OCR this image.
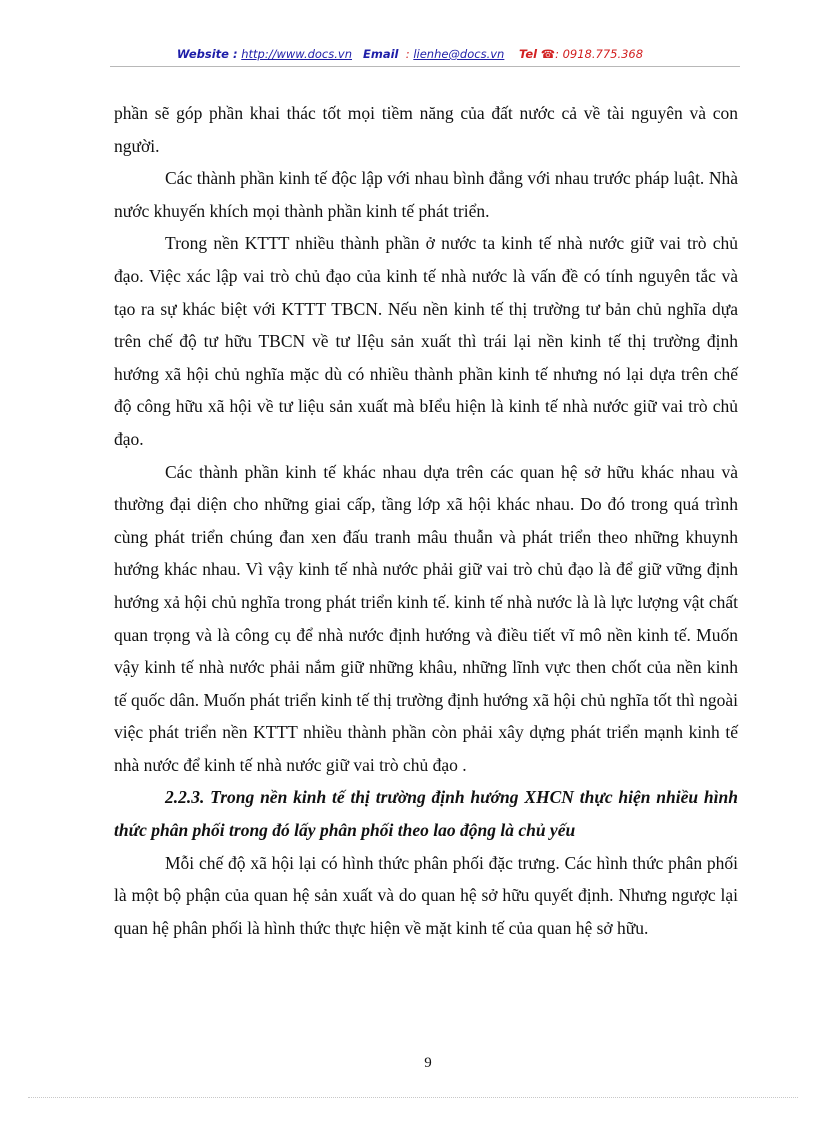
Website : http://www.docs.vn Email : lienhe@docs.vn Tel ☎: 0918.775.368

phần sẽ góp phần khai thác tốt mọi tiềm năng của đất nước cả về tài nguyên và con người.

Các thành phần kinh tế độc lập với nhau bình đẳng với nhau trước pháp luật. Nhà nước khuyến khích mọi thành phần kinh tế phát triển.

Trong nền KTTT nhiều thành phần ở nước ta kinh tế nhà nước giữ vai trò chủ đạo. Việc xác lập vai trò chủ đạo của kinh tế nhà nước là vấn đề có tính nguyên tắc và tạo ra sự khác biệt với KTTT TBCN. Nếu nền kinh tế thị trường tư bản chủ nghĩa dựa trên chế độ tư hữu TBCN về tư lIệu sản xuất thì trái lại nền kinh tế thị trường định hướng xã hội chủ nghĩa mặc dù có nhiều thành phần kinh tế nhưng nó lại dựa trên chế độ công hữu xã hội về tư liệu sản xuất mà bIểu hiện là kinh tế nhà nước giữ vai trò chủ đạo.

Các thành phần kinh tế khác nhau dựa trên các quan hệ sở hữu khác nhau và thường đại diện cho những giai cấp, tầng lớp xã hội khác nhau. Do đó trong quá trình cùng phát triển chúng đan xen đấu tranh mâu thuẫn và phát triển theo những khuynh hướng khác nhau. Vì vậy kinh tế nhà nước phải giữ vai trò chủ đạo là để giữ vững định hướng xả hội chủ nghĩa trong phát triển kinh tế. kinh tế nhà nước là là lực lượng vật chất quan trọng và là công cụ để nhà nước định hướng và điều tiết vĩ mô nền kinh tế. Muốn vậy kinh tế nhà nước phải nắm giữ những khâu, những lĩnh vực then chốt của nền kinh tế quốc dân. Muốn phát triển kinh tế thị trường định hướng xã hội chủ nghĩa tốt thì ngoài việc phát triển nền KTTT nhiều thành phần còn phải xây dựng phát triển mạnh kinh tế nhà nước để kinh tế nhà nước giữ vai trò chủ đạo .

2.2.3. Trong nền kinh tế thị trường định hướng XHCN thực hiện nhiều hình thức phân phối trong đó lấy phân phối theo lao động là chủ yếu

Mỗi chế độ xã hội lại có hình thức phân phối đặc trưng. Các hình thức phân phối là một bộ phận của quan hệ sản xuất và do quan hệ sở hữu quyết định. Nhưng ngược lại quan hệ phân phối là hình thức thực hiện về mặt kinh tế của quan hệ sở hữu.

9
